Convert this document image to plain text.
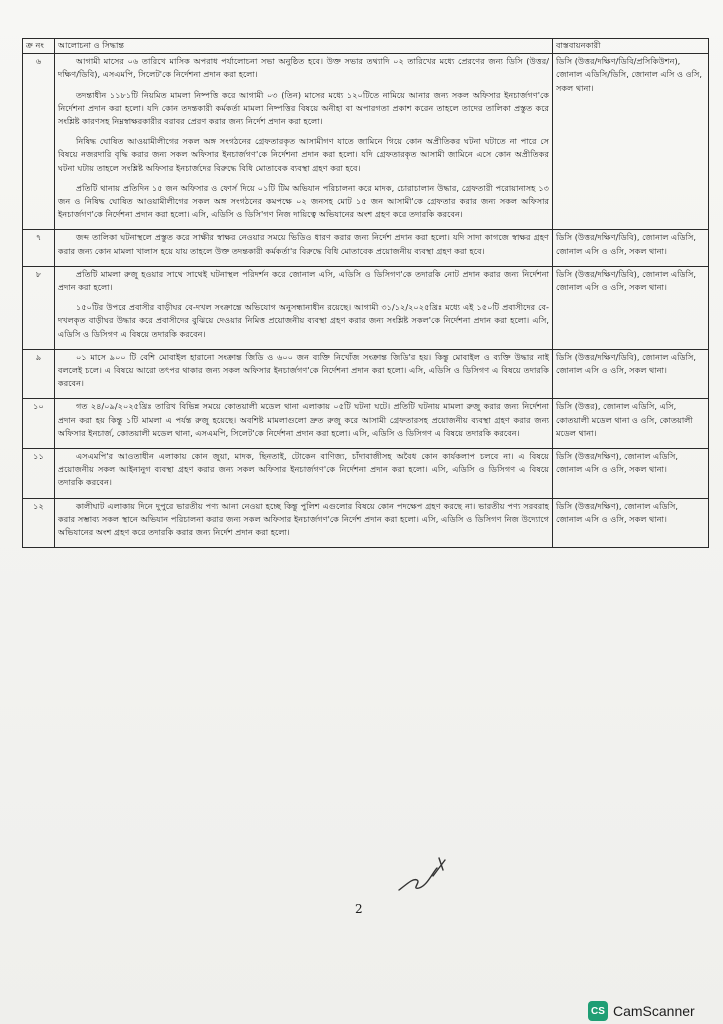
ক্র নং	আলোচনা ও সিদ্ধান্ত	বাস্তবায়নকারী
৬	আগামী মাসের ০৬ তারিখে মাসিক অপরাধ পর্যালোচনা সভা অনুষ্ঠিত হবে। উক্ত সভার তথ্যাদি ০২ তারিখের মধ্যে প্রেরণের জন্য ডিসি (উত্তর/দক্ষিণ/ডিবি), এসএমপি, সিলেট'কে নির্দেশনা প্রদান করা হলো।

তদন্তাধীন ১১৮১টি নিয়মিত মামলা নিষ্পত্তি করে আগামী ০৩ (তিন) মাসের মধ্যে ১২০টিতে নামিয়ে আনার জন্য সকল অফিসার ইনচার্জগণ'কে নির্দেশনা প্রদান করা হলো। যদি কোন তদন্তকারী কর্মকর্তা মামলা নিষ্পত্তির বিষয়ে অনীহা বা অপারগতা প্রকাশ করেন তাহলে তাদের তালিকা প্রস্তুত করে সংশ্লিষ্ট কারণসহ নিম্নস্বাক্ষরকারীর বরাবর প্রেরণ করার জন্য নির্দেশ প্রদান করা হলো।

নিষিদ্ধ ঘোষিত আওয়ামীলীগের সকল অঙ্গ সংগঠনের গ্রেফতারকৃত আসামীগণ যাতে জামিনে গিয়ে কোন অপ্রীতিকর ঘটনা ঘটাতে না পারে সে বিষয়ে নজরদারি বৃদ্ধি করার জন্য সকল অফিসার ইনচার্জগণ'কে নির্দেশনা প্রদান করা হলো। যদি গ্রেফতারকৃত আসামী জামিনে এসে কোন অপ্রীতিকর ঘটনা ঘটায় তাহলে সংশ্লিষ্ট অফিসার ইনচার্জদের বিরুদ্ধে বিধি মোতাবেক ব্যবস্থা গ্রহণ করা হবে।

প্রতিটি থানায় প্রতিদিন ১৫ জন অফিসার ও ফোর্স দিয়ে ০১টি টিম অভিযান পরিচালনা করে মাদক, চোরাচালান উদ্ধার, গ্রেফতারী পরোয়ানাসহ ১৩ জন ও নিষিদ্ধ ঘোষিত আওয়ামীলীগের সকল অঙ্গ সংগঠনের কমপক্ষে ০২ জনসহ মোট ১৫ জন আসামী'কে গ্রেফতার করার জন্য সকল অফিসার ইনচার্জগণ'কে নির্দেশনা প্রদান করা হলো। এসি, এডিসি ও ডিসি'গণ নিজ দায়িত্বে অভিযানের অংশ গ্রহণ করে তদারকি করবেন।	ডিসি (উত্তর/দক্ষিণ/ডিবি/প্রসিকিউশন), জোনাল এডিসি/ডিসি, জোনাল এসি ও ওসি, সকল থানা।
৭	জব্দ তালিকা ঘটনাস্থলে প্রস্তুত করে সাক্ষীর স্বাক্ষর নেওয়ার সময়ে ভিডিও ধারণ করার জন্য নির্দেশ প্রদান করা হলো। যদি সাদা কাগজে স্বাক্ষর গ্রহণ করার জন্য কোন মামলা খালাস হয়ে যায় তাহলে উক্ত তদন্তকারী কর্মকর্তা'র বিরুদ্ধে বিধি মোতাবেক প্রয়োজনীয় ব্যবস্থা গ্রহণ করা হবে।	ডিসি (উত্তর/দক্ষিণ/ডিবি), জোনাল এডিসি, জোনাল এসি ও ওসি, সকল থানা।
৮	প্রতিটি মামলা রুজু হওয়ার সাথে সাথেই ঘটনাস্থল পরিদর্শন করে জোনাল এসি, এডিসি ও ডিসিগণ'কে তদারকি নোট প্রদান করার জন্য নির্দেশনা প্রদান করা হলো।

১৫০টির উপরে প্রবাসীর বাড়ীঘর বে-দখল সংক্রান্তে অভিযোগ অনুসন্ধানাধীন রয়েছে। আগামী ৩১/১২/২০২৫খ্রিঃ মধ্যে এই ১৫০টি প্রবাসীদের বে-দখলকৃত বাড়ীঘর উদ্ধার করে প্রবাসীদের বুঝিয়ে দেওয়ার নিমিত্ত প্রয়োজনীয় ব্যবস্থা গ্রহণ করার জন্য সংশ্লিষ্ট সকল'কে নির্দেশনা প্রদান করা হলো। এসি, এডিসি ও ডিসিগণ এ বিষয়ে তদারকি করবেন।	ডিসি (উত্তর/দক্ষিণ/ডিবি), জোনাল এডিসি, জোনাল এসি ও ওসি, সকল থানা।
৯	০১ মাসে ৯০০ টি বেশি মোবাইল হারানো সংক্রান্ত জিডি ও ৬০০ জন ব্যক্তি নিখোঁজ সংক্রান্ত জিডি'র হয়। কিন্তু মোবাইল ও ব্যক্তি উদ্ধার নাই বললেই চলে। এ বিষয়ে আরো তৎপর থাকার জন্য সকল অফিসার ইনচার্জগণ'কে নির্দেশনা প্রদান করা হলো। এসি, এডিসি ও ডিসিগণ এ বিষয়ে তদারকি করবেন।	ডিসি (উত্তর/দক্ষিণ/ডিবি), জোনাল এডিসি, জোনাল এসি ও ওসি, সকল থানা।
১০	গত ২৪/০৯/২০২৫খ্রিঃ তারিখ বিভিন্ন সময়ে কোতয়ালী মডেল থানা এলাকায় ০৫টি ঘটনা ঘটে। প্রতিটি ঘটনায় মামলা রুজু করার জন্য নির্দেশনা প্রদান করা হয় কিন্তু ১টি মামলা এ পর্যন্ত রুজু হয়েছে। অবশিষ্ট মামলাগুলো দ্রুত রুজু করে আসামী গ্রেফতারসহ প্রয়োজনীয় ব্যবস্থা গ্রহণ করার জন্য অফিসার ইনচার্জ, কোতয়ালী মডেল থানা, এসএমপি, সিলেট'কে নির্দেশনা প্রদান করা হলো। এসি, এডিসি ও ডিসিগণ এ বিষয়ে তদারকি করবেন।	ডিসি (উত্তর), জোনাল এডিসি, এসি, কোতয়ালী মডেল থানা ও ওসি, কোতয়ালী মডেল থানা।
১১	এসএমপি'র আওতাধীন এলাকায় কোন জুয়া, মাদক, ছিনতাই, টোকেন বাণিজ্য, চাঁদাবাজীসহ অবৈধ কোন কার্যকলাপ চলবে না। এ বিষয়ে প্রয়োজনীয় সকল আইনানুগ ব্যবস্থা গ্রহণ করার জন্য সকল অফিসার ইনচার্জগণ'কে নির্দেশনা প্রদান করা হলো। এসি, এডিসি ও ডিসিগণ এ বিষয়ে তদারকি করবেন।	ডিসি (উত্তর/দক্ষিণ), জোনাল এডিসি, জোনাল এসি ও ওসি, সকল থানা।
১২	কালীঘাট এলাকায় দিনে দুপুরে ভারতীয় পণ্য আনা নেওয়া হচ্ছে কিন্তু পুলিশ এগুলোর বিষয়ে কোন পদক্ষেপ গ্রহণ করছে না। ভারতীয় পণ্য সরবরাহ করার সম্ভাব্য সকল স্থানে অভিযান পরিচালনা করার জন্য সকল অফিসার ইনচার্জগণ'কে নির্দেশ প্রদান করা হলো। এসি, এডিসি ও ডিসিগণ নিজ উদ্যোগে অভিযানের অংশ গ্রহণ করে তদারকি করার জন্য নির্দেশ প্রদান করা হলো।	ডিসি (উত্তর/দক্ষিণ), জোনাল এডিসি, জোনাল এসি ও ওসি, সকল থানা।
2
CS CamScanner
